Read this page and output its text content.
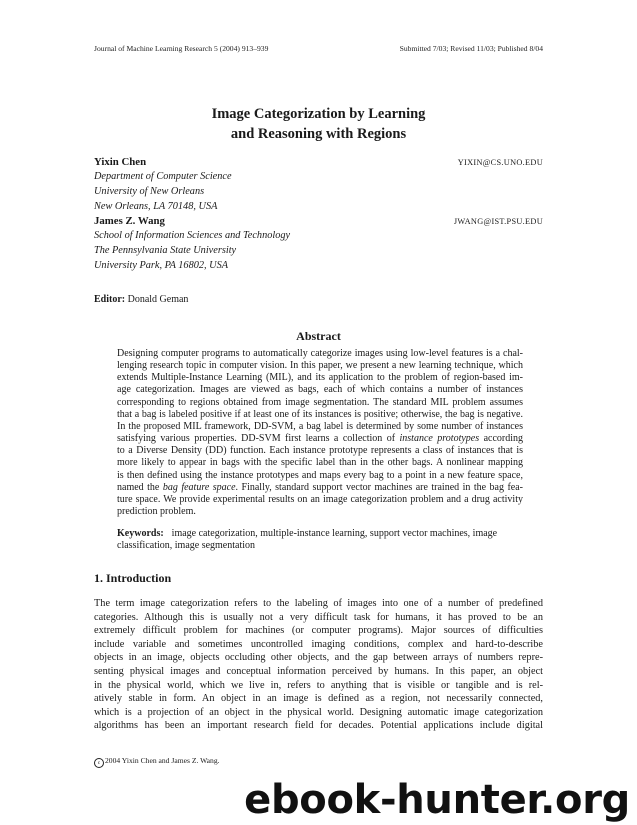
Journal of Machine Learning Research 5 (2004) 913–939	Submitted 7/03; Revised 11/03; Published 8/04
Image Categorization by Learning
and Reasoning with Regions
Yixin Chen	YIXIN@CS.UNO.EDU
Department of Computer Science
University of New Orleans
New Orleans, LA 70148, USA
James Z. Wang	JWANG@IST.PSU.EDU
School of Information Sciences and Technology
The Pennsylvania State University
University Park, PA 16802, USA
Editor: Donald Geman
Abstract
Designing computer programs to automatically categorize images using low-level features is a chal-
lenging research topic in computer vision. In this paper, we present a new learning technique, which
extends Multiple-Instance Learning (MIL), and its application to the problem of region-based im-
age categorization. Images are viewed as bags, each of which contains a number of instances
corresponding to regions obtained from image segmentation. The standard MIL problem assumes
that a bag is labeled positive if at least one of its instances is positive; otherwise, the bag is negative.
In the proposed MIL framework, DD-SVM, a bag label is determined by some number of instances
satisfying various properties. DD-SVM first learns a collection of instance prototypes according
to a Diverse Density (DD) function. Each instance prototype represents a class of instances that is
more likely to appear in bags with the specific label than in the other bags. A nonlinear mapping
is then defined using the instance prototypes and maps every bag to a point in a new feature space,
named the bag feature space. Finally, standard support vector machines are trained in the bag fea-
ture space. We provide experimental results on an image categorization problem and a drug activity
prediction problem.
Keywords: image categorization, multiple-instance learning, support vector machines, image
classification, image segmentation
1. Introduction
The term image categorization refers to the labeling of images into one of a number of predefined
categories. Although this is usually not a very difficult task for humans, it has proved to be an
extremely difficult problem for machines (or computer programs). Major sources of difficulties
include variable and sometimes uncontrolled imaging conditions, complex and hard-to-describe
objects in an image, objects occluding other objects, and the gap between arrays of numbers repre-
senting physical images and conceptual information perceived by humans. In this paper, an object
in the physical world, which we live in, refers to anything that is visible or tangible and is rel-
atively stable in form. An object in an image is defined as a region, not necessarily connected,
which is a projection of an object in the physical world. Designing automatic image categorization
algorithms has been an important research field for decades. Potential applications include digital
c 2004 Yixin Chen and James Z. Wang.
ebook-hunter.org
